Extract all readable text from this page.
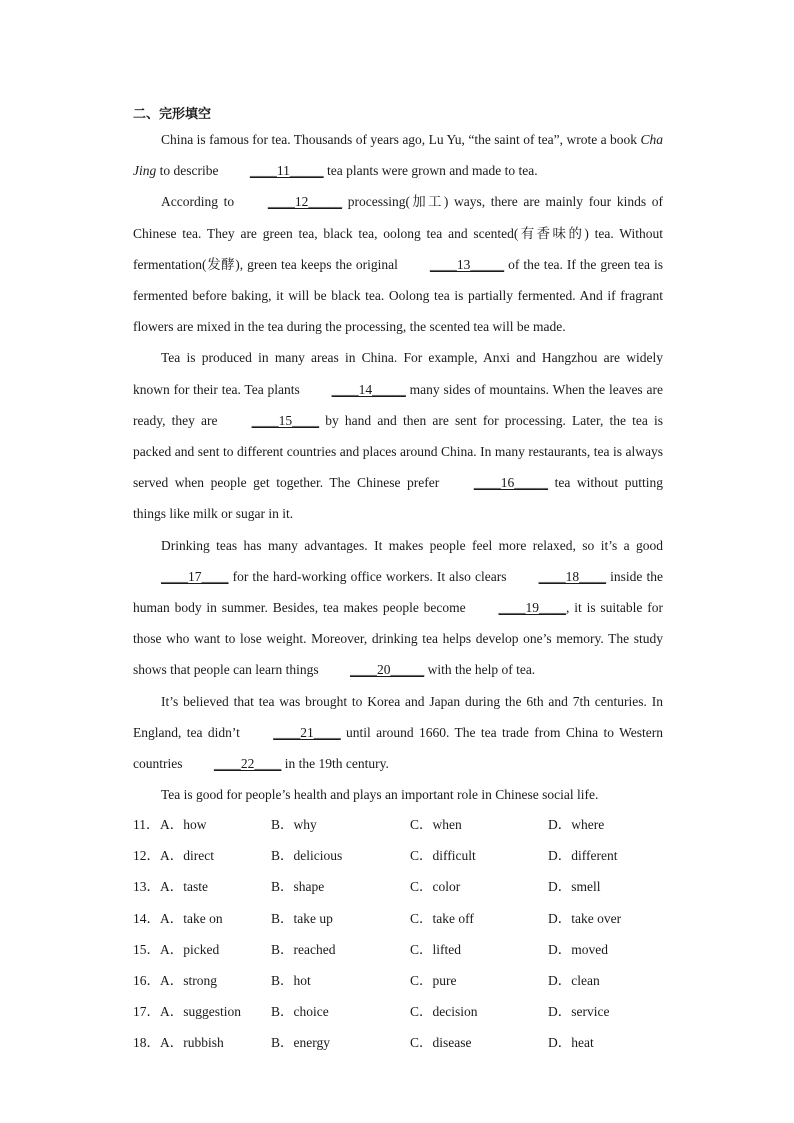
二、完形填空

China is famous for tea. Thousands of years ago, Lu Yu, “the saint of tea”, wrote a book Cha Jing to describe ____11_____ tea plants were grown and made to tea.

According to ____12_____ processing(加工) ways, there are mainly four kinds of Chinese tea. They are green tea, black tea, oolong tea and scented(有香味的) tea. Without fermentation(发酵), green tea keeps the original ____13_____ of the tea. If the green tea is fermented before baking, it will be black tea. Oolong tea is partially fermented. And if fragrant flowers are mixed in the tea during the processing, the scented tea will be made.

Tea is produced in many areas in China. For example, Anxi and Hangzhou are widely known for their tea. Tea plants ____14_____ many sides of mountains. When the leaves are ready, they are ____15____ by hand and then are sent for processing. Later, the tea is packed and sent to different countries and places around China. In many restaurants, tea is always served when people get together. The Chinese prefer ____16_____ tea without putting things like milk or sugar in it.

Drinking teas has many advantages. It makes people feel more relaxed, so it’s a good ____17____ for the hard-working office workers. It also clears ____18____ inside the human body in summer. Besides, tea makes people become ____19____, it is suitable for those who want to lose weight. Moreover, drinking tea helps develop one’s memory. The study shows that people can learn things ____20_____ with the help of tea.

It’s believed that tea was brought to Korea and Japan during the 6th and 7th centuries. In England, tea didn’t ____21____ until around 1660. The tea trade from China to Western countries ____22____ in the 19th century.

Tea is good for people’s health and plays an important role in Chinese social life.

11． A．how	B．why	C．when	D．where
12． A．direct	B．delicious	C．difficult	D．different
13． A．taste	B．shape	C．color	D．smell
14． A．take on	B．take up	C．take off	D．take over
15． A．picked	B．reached	C．lifted	D．moved
16． A．strong	B．hot	C．pure	D．clean
17． A．suggestion B．choice	C．decision	D．service
18． A．rubbish	B．energy	C．disease	D．heat
